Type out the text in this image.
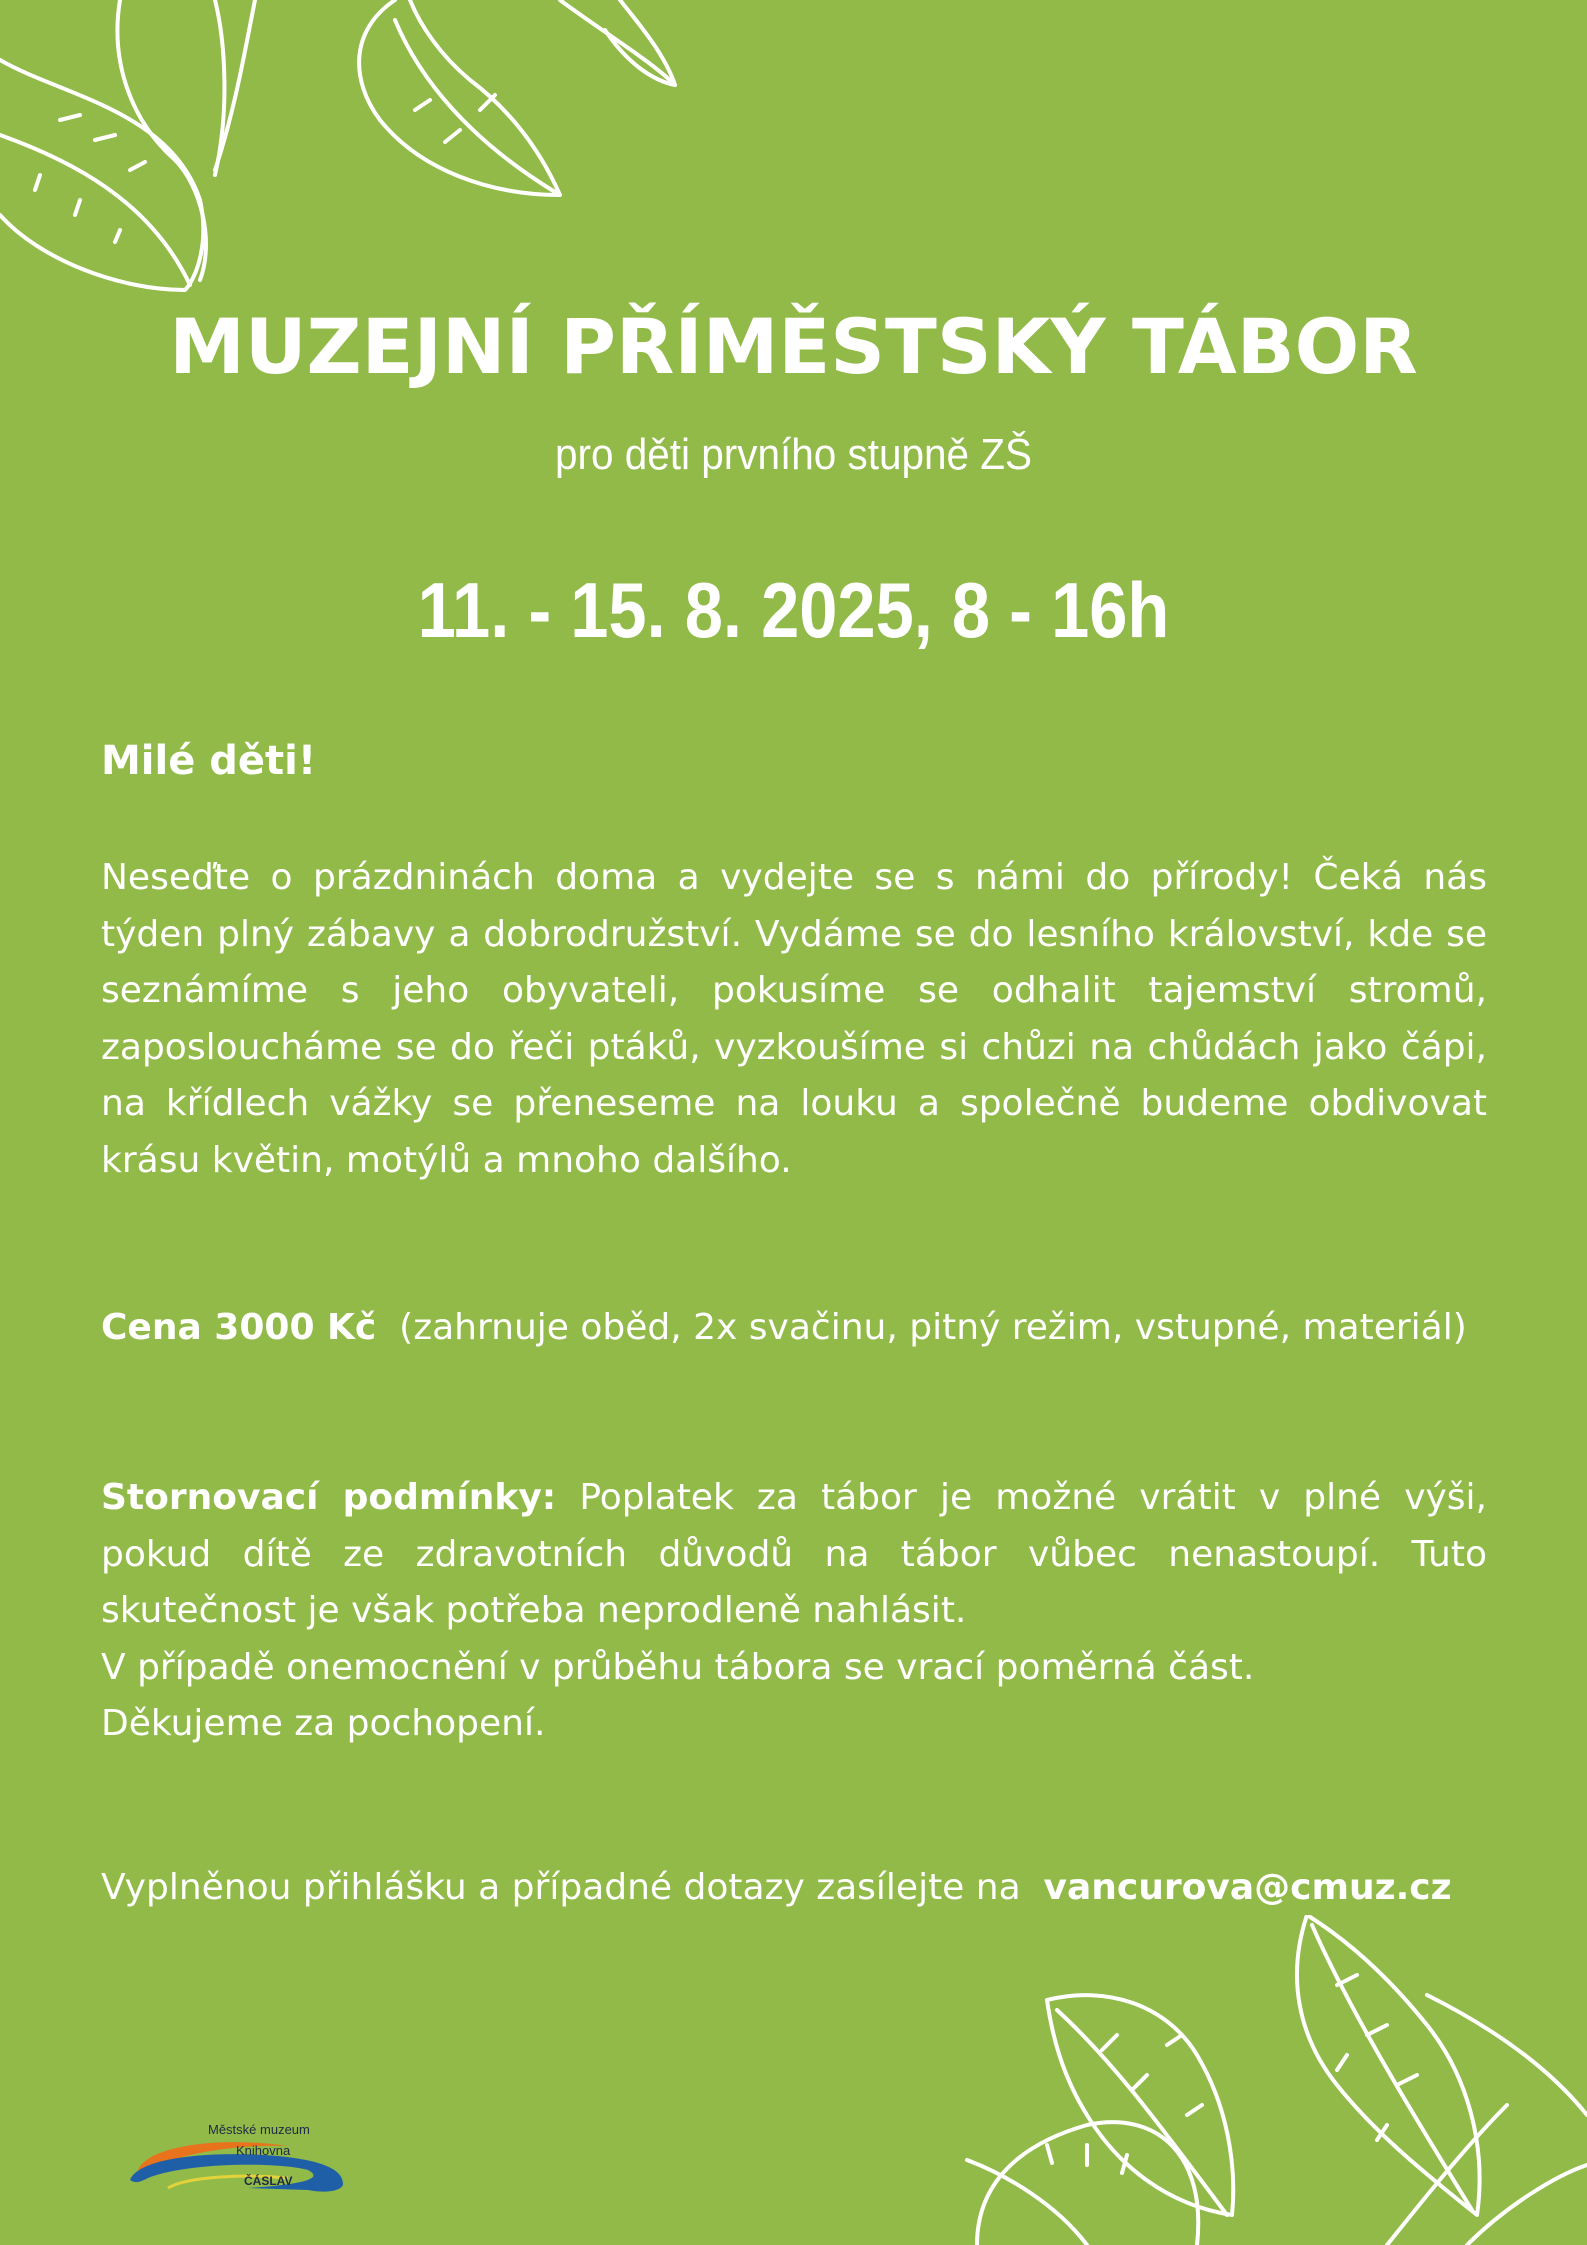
MUZEJNÍ PŘÍMĚSTSKÝ TÁBOR
pro děti prvního stupně ZŠ
11. - 15. 8. 2025, 8 - 16h
Milé děti!
Neseďte o prázdninách doma a vydejte se s námi do přírody! Čeká nás týden plný zábavy a dobrodružství. Vydáme se do lesního království, kde se seznámíme s jeho obyvateli, pokusíme se odhalit tajemství stromů, zaposloucháme se do řeči ptáků, vyzkoušíme si chůzi na chůdách jako čápi, na křídlech vážky se přeneseme na louku a společně budeme obdivovat krásu květin, motýlů a mnoho dalšího.
Cena 3000 Kč (zahrnuje oběd, 2x svačinu, pitný režim, vstupné, materiál)
Stornovací podmínky: Poplatek za tábor je možné vrátit v plné výši, pokud dítě ze zdravotních důvodů na tábor vůbec nenastoupí. Tuto skutečnost je však potřeba neprodleně nahlásit.
V případě onemocnění v průběhu tábora se vrací poměrná část.
Děkujeme za pochopení.
Vyplněnou přihlášku a případné dotazy zasílejte na vancurova@cmuz.cz
Městské muzeum
Knihovna
ČÁSLAV
